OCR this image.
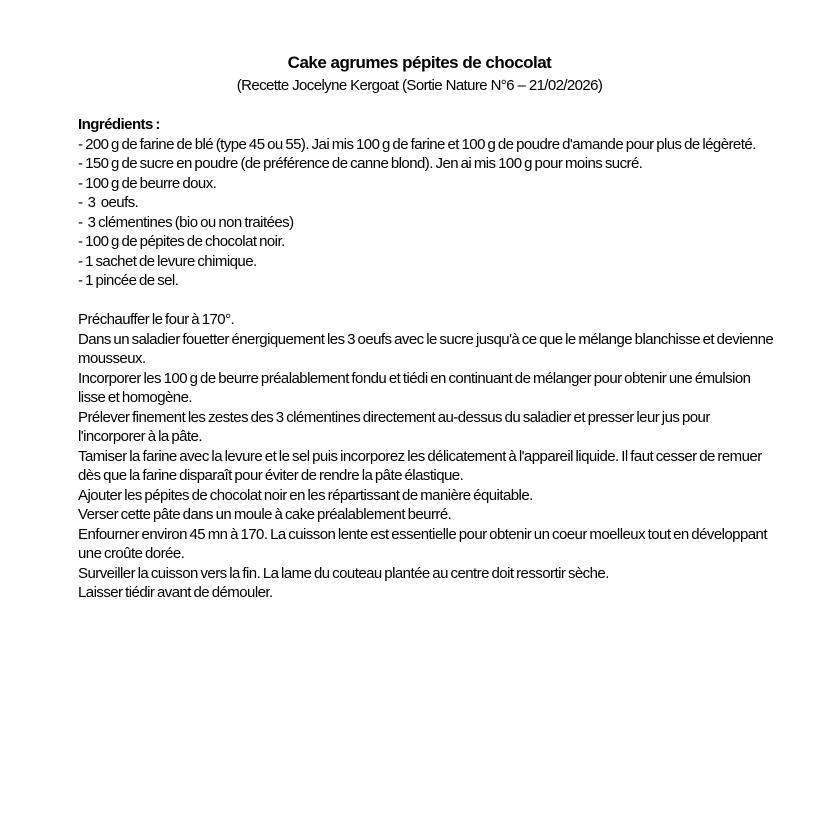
Cake agrumes pépites de chocolat
(Recette Jocelyne Kergoat (Sortie Nature N°6 – 21/02/2026)
Ingrédients :
- 200 g de farine de blé (type 45 ou 55). Jai mis 100 g de farine et 100 g de poudre d'amande pour plus de légèreté.
- 150 g de sucre en poudre (de préférence de canne blond). Jen ai mis 100 g pour moins sucré.
- 100 g de beurre doux.
-  3  oeufs.
-  3 clémentines (bio ou non traitées)
- 100 g de pépites de chocolat noir.
- 1 sachet de levure chimique.
- 1 pincée de sel.
Préchauffer le four à 170°.
Dans un saladier fouetter énergiquement les 3 oeufs avec le sucre jusqu'à ce que le mélange blanchisse et devienne mousseux.
Incorporer les 100 g de beurre préalablement fondu et tiédi en continuant de mélanger pour obtenir une émulsion lisse et homogène.
Prélever finement les zestes des 3 clémentines directement au-dessus du saladier et presser leur jus pour l'incorporer à la pâte.
Tamiser la farine avec la levure et le sel puis incorporez les délicatement à l'appareil liquide. Il faut cesser de remuer dès que la farine disparaît pour éviter de rendre la pâte élastique.
Ajouter les pépites de chocolat noir en les répartissant de manière équitable.
Verser cette pâte dans un moule à cake préalablement beurré.
Enfourner environ 45 mn à 170. La cuisson lente est essentielle pour obtenir un coeur moelleux tout en développant une croûte dorée.
Surveiller la cuisson vers la fin. La lame du couteau plantée au centre doit ressortir sèche.
Laisser tiédir avant de démouler.
